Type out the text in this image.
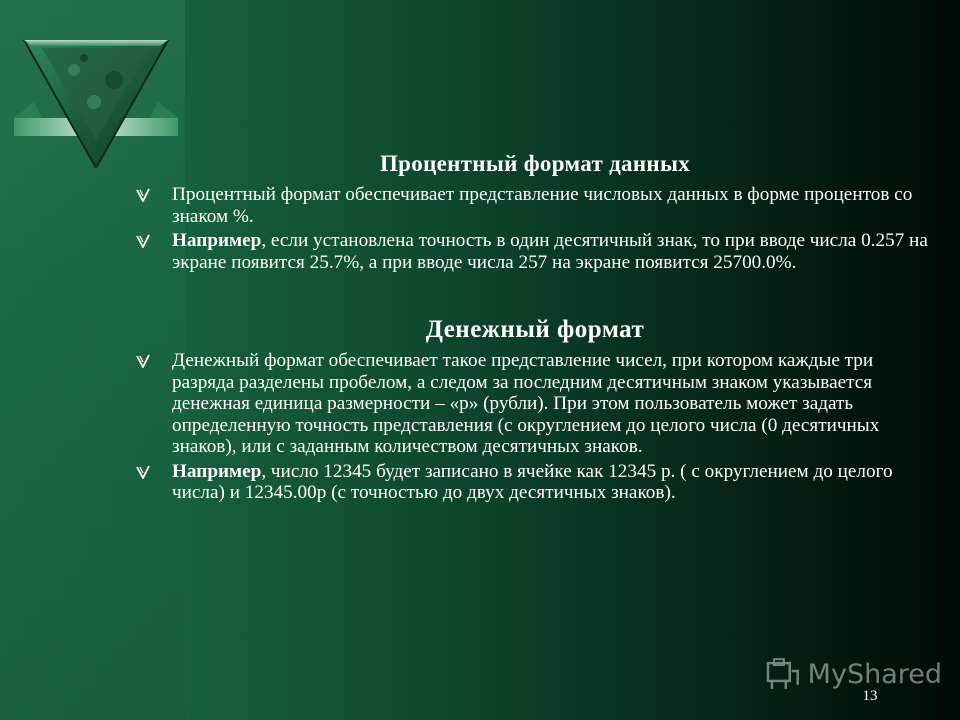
Процентный формат данных
Процентный формат обеспечивает представление числовых данных в форме процентов со знаком %.
Например, если установлена точность в один десятичный знак, то при вводе числа 0.257 на экране появится 25.7%, а при вводе числа 257 на экране появится 25700.0%.
Денежный формат
Денежный формат обеспечивает такое представление чисел, при котором каждые три разряда разделены пробелом, а следом за последним десятичным знаком указывается денежная единица размерности – «р» (рубли). При этом пользователь может задать определенную точность представления (с округлением до целого числа (0 десятичных знаков), или с заданным количеством десятичных знаков.
Например, число 12345 будет записано в ячейке как 12345 р. ( с округлением до целого числа) и 12345.00р (с точностью до двух десятичных знаков).
MyShared
13
